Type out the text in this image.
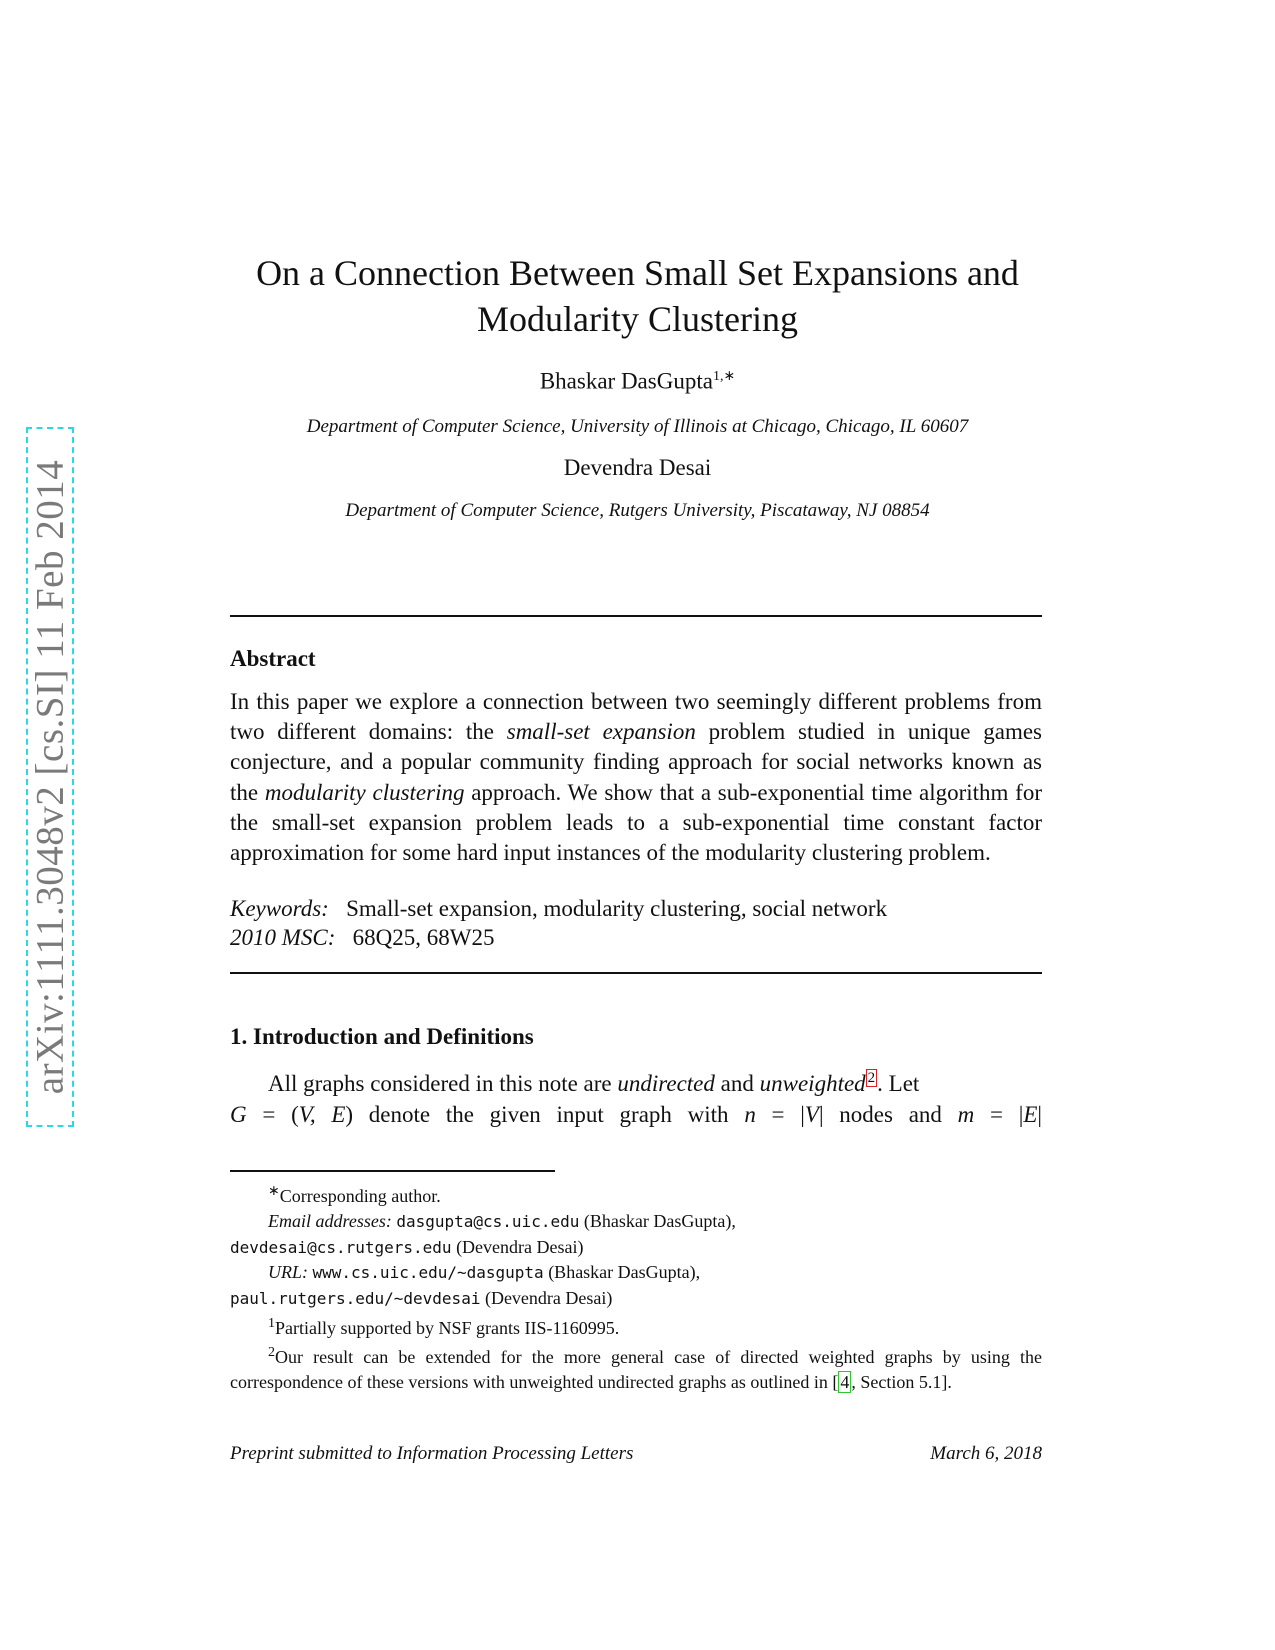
arXiv:1111.3048v2 [cs.SI] 11 Feb 2014
On a Connection Between Small Set Expansions and
Modularity Clustering
Bhaskar DasGupta$^{1,∗}$
Department of Computer Science, University of Illinois at Chicago, Chicago, IL 60607
Devendra Desai
Department of Computer Science, Rutgers University, Piscataway, NJ 08854
Abstract
In this paper we explore a connection between two seemingly different problems from two different domains: the small-set expansion problem studied in unique games conjecture, and a popular community finding approach for social networks known as the modularity clustering approach. We show that a sub-exponential time algorithm for the small-set expansion problem leads to a sub-exponential time constant factor approximation for some hard input instances of the modularity clustering problem.
Keywords: Small-set expansion, modularity clustering, social network
2010 MSC: 68Q25, 68W25
1. Introduction and Definitions
All graphs considered in this note are undirected and unweighted $^2$. Let
G = (V, E) denote the given input graph with n = |V| nodes and m = |E|
∗Corresponding author.
Email addresses: dasgupta@cs.uic.edu (Bhaskar DasGupta),
devdesai@cs.rutgers.edu (Devendra Desai)
URL: www.cs.uic.edu/~dasgupta (Bhaskar DasGupta),
paul.rutgers.edu/~devdesai (Devendra Desai)
$^1$Partially supported by NSF grants IIS-1160995.
$^2$Our result can be extended for the more general case of directed weighted graphs by using the correspondence of these versions with unweighted undirected graphs as outlined in [ 4 , Section 5.1].
Preprint submitted to Information Processing Letters	March 6, 2018
